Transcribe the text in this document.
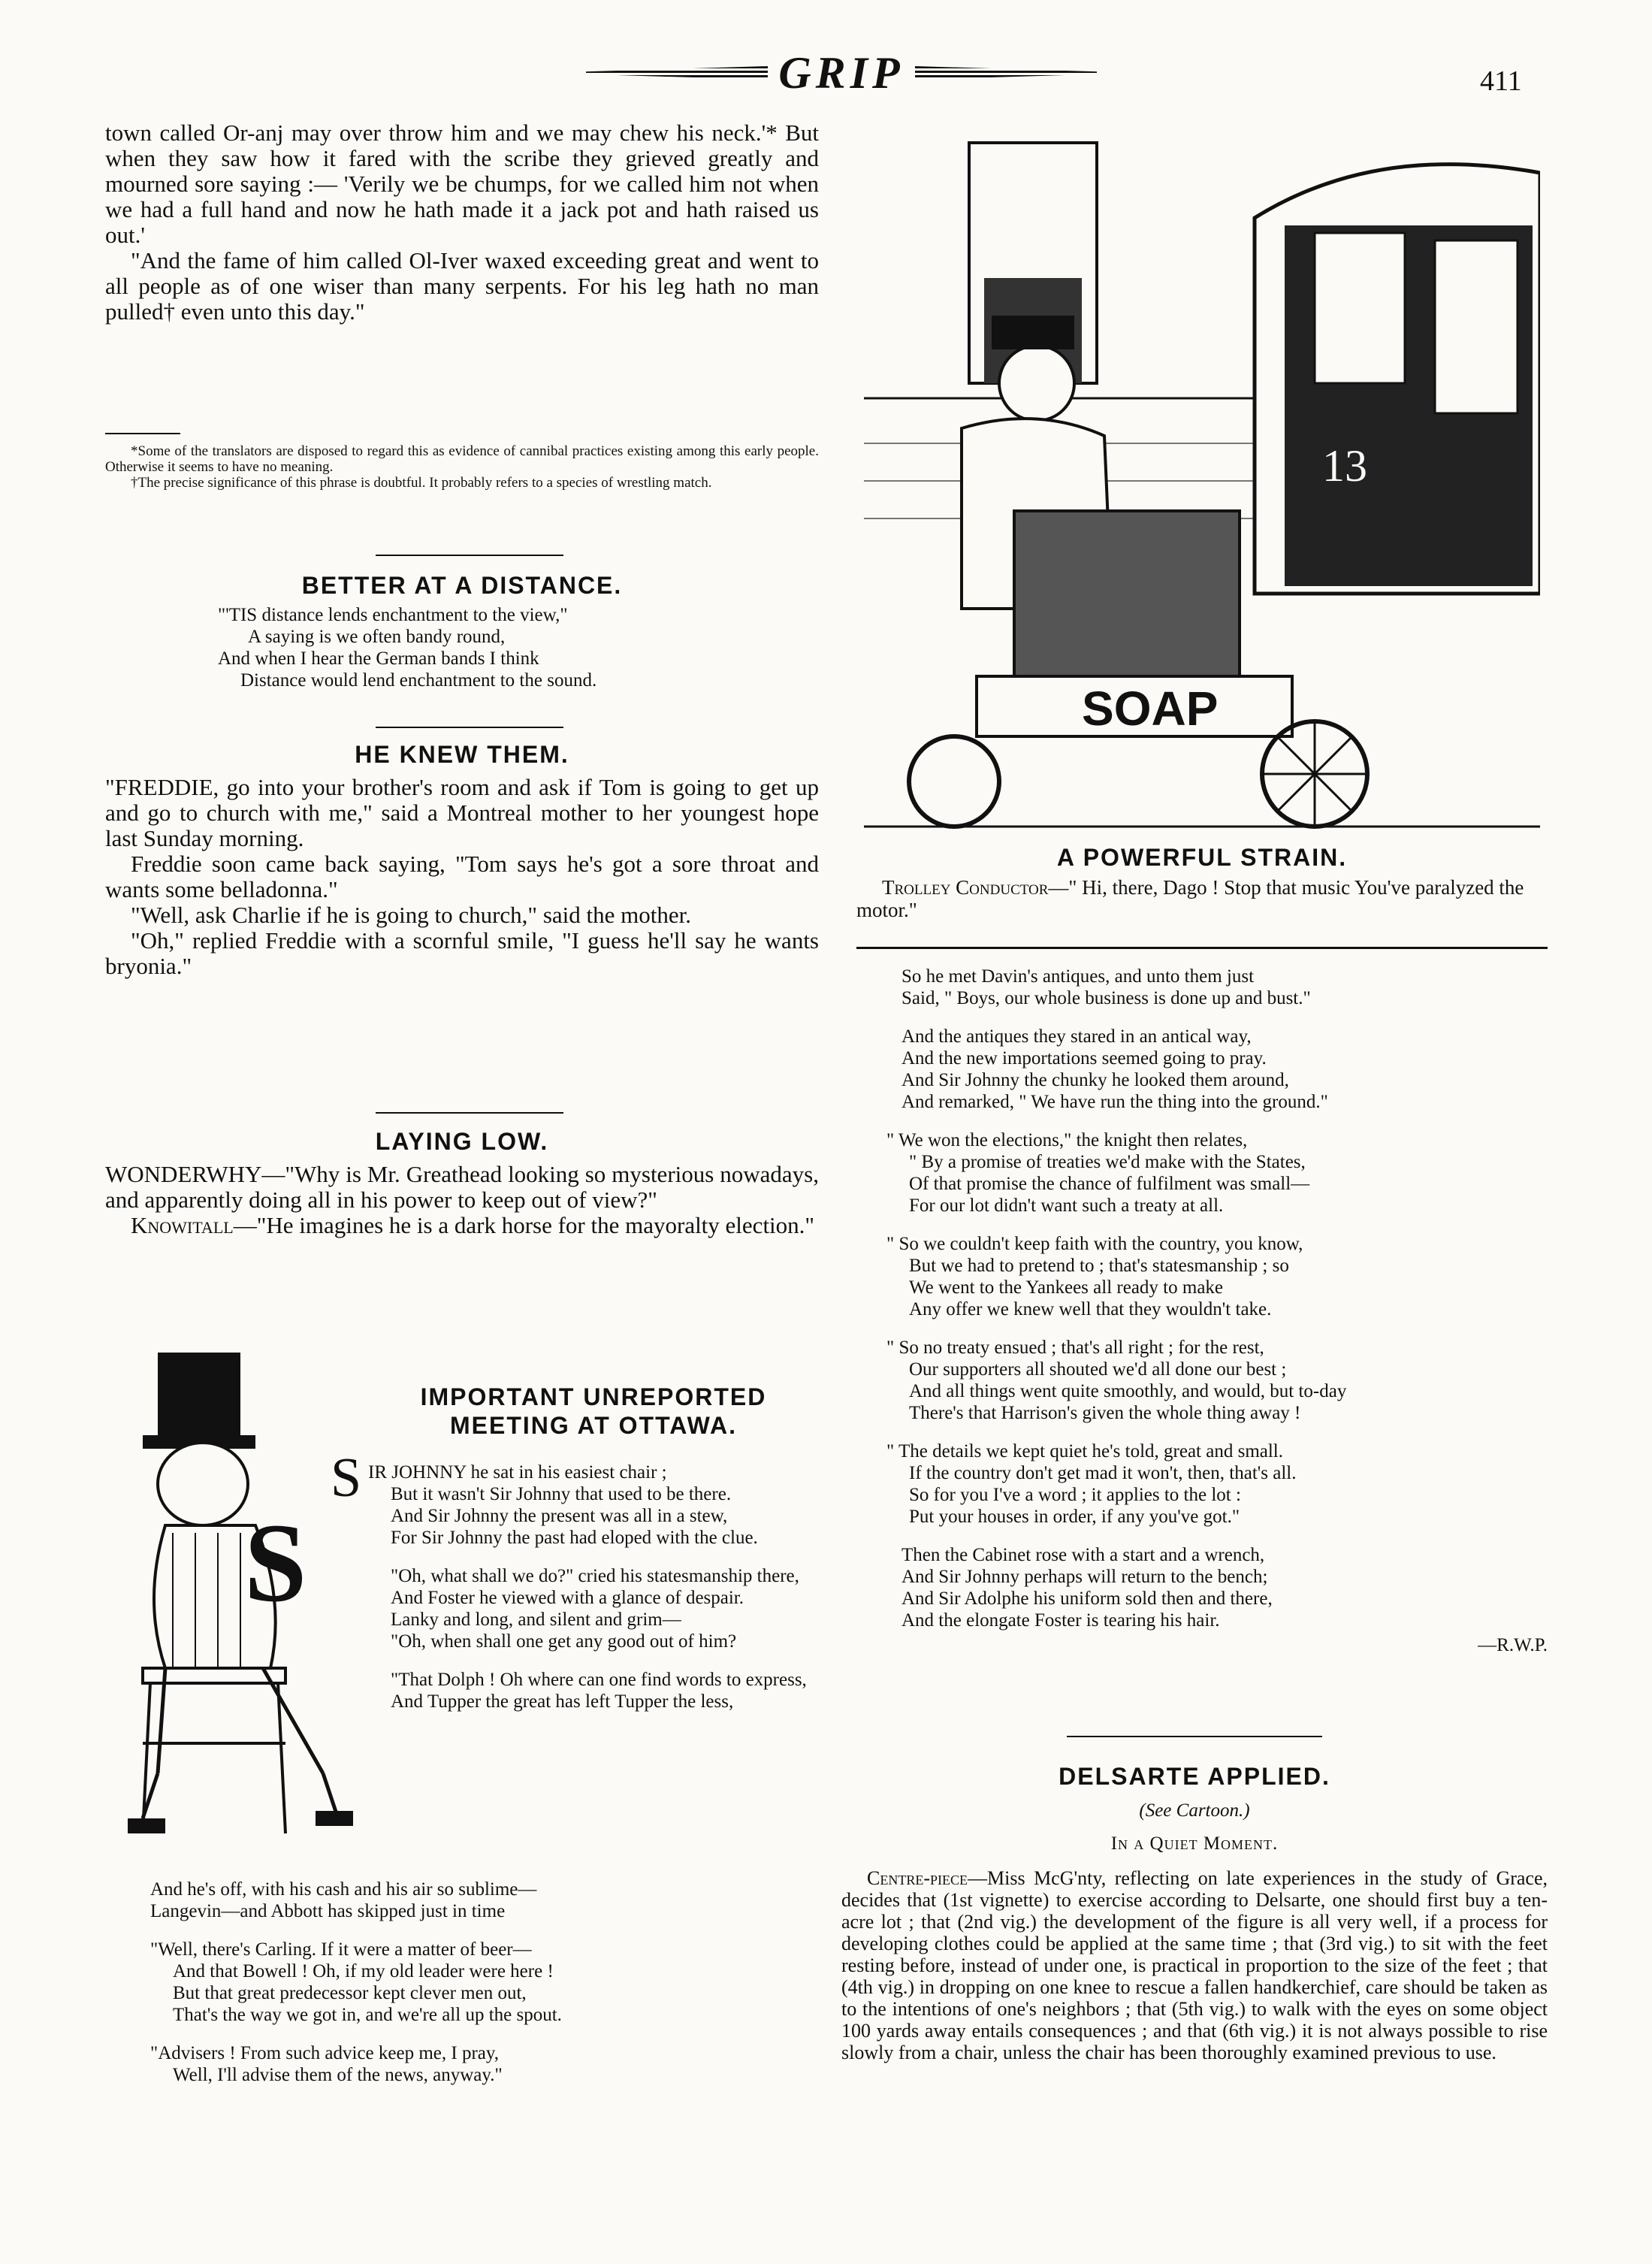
GRIP	411

town called Or-anj may over throw him and we may chew his neck.'* But when they saw how it fared with the scribe they grieved greatly and mourned sore saying :— 'Verily we be chumps, for we called him not when we had a full hand and now he hath made it a jack pot and hath raised us out.'

"And the fame of him called Ol-Iver waxed exceeding great and went to all people as of one wiser than many serpents. For his leg hath no man pulled† even unto this day."

*Some of the translators are disposed to regard this as evidence of cannibal practices existing among this early people. Otherwise it seems to have no meaning.

†The precise significance of this phrase is doubtful. It probably refers to a species of wrestling match.

BETTER AT A DISTANCE.
"'TIS distance lends enchantment to the view,"
A saying is we often bandy round,
And when I hear the German bands I think
Distance would lend enchantment to the sound.
HE KNEW THEM.

"FREDDIE, go into your brother's room and ask if Tom is going to get up and go to church with me," said a Montreal mother to her youngest hope last Sunday morning.

Freddie soon came back saying, "Tom says he's got a sore throat and wants some belladonna."

"Well, ask Charlie if he is going to church," said the mother.

"Oh," replied Freddie with a scornful smile, "I guess he'll say he wants bryonia."

LAYING LOW.

WONDERWHY—"Why is Mr. Greathead looking so mysterious nowadays, and apparently doing all in his power to keep out of view?"

Knowitall—"He imagines he is a dark horse for the mayoralty election."

S
IMPORTANT UNREPORTED
MEETING AT OTTAWA.
S IR JOHNNY he sat in his easiest chair ;
But it wasn't Sir Johnny that used to be there.
And Sir Johnny the present was all in a stew,
For Sir Johnny the past had eloped with the clue.
"Oh, what shall we do?" cried his statesmanship there,
And Foster he viewed with a glance of despair.
Lanky and long, and silent and grim—
"Oh, when shall one get any good out of him?
"That Dolph ! Oh where can one find words to express,
And Tupper the great has left Tupper the less,
And he's off, with his cash and his air so sublime—
Langevin—and Abbott has skipped just in time
"Well, there's Carling. If it were a matter of beer—
And that Bowell ! Oh, if my old leader were here !
But that great predecessor kept clever men out,
That's the way we got in, and we're all up the spout.
"Advisers ! From such advice keep me, I pray,
Well, I'll advise them of the news, anyway."
13
SOAP
A POWERFUL STRAIN.

Trolley Conductor—" Hi, there, Dago ! Stop that music You've paralyzed the motor."

So he met Davin's antiques, and unto them just
Said, " Boys, our whole business is done up and bust."
And the antiques they stared in an antical way,
And the new importations seemed going to pray.
And Sir Johnny the chunky he looked them around,
And remarked, " We have run the thing into the ground."
" We won the elections," the knight then relates,
" By a promise of treaties we'd make with the States,
Of that promise the chance of fulfilment was small—
For our lot didn't want such a treaty at all.
" So we couldn't keep faith with the country, you know,
But we had to pretend to ; that's statesmanship ; so
We went to the Yankees all ready to make
Any offer we knew well that they wouldn't take.
" So no treaty ensued ; that's all right ; for the rest,
Our supporters all shouted we'd all done our best ;
And all things went quite smoothly, and would, but to-day
There's that Harrison's given the whole thing away !
" The details we kept quiet he's told, great and small.
If the country don't get mad it won't, then, that's all.
So for you I've a word ; it applies to the lot :
Put your houses in order, if any you've got."
Then the Cabinet rose with a start and a wrench,
And Sir Johnny perhaps will return to the bench;
And Sir Adolphe his uniform sold then and there,
And the elongate Foster is tearing his hair.
—R.W.P.
DELSARTE APPLIED.
(See Cartoon.)
In a Quiet Moment.

Centre-piece—Miss McG'nty, reflecting on late experiences in the study of Grace, decides that (1st vignette) to exercise according to Delsarte, one should first buy a ten-acre lot ; that (2nd vig.) the development of the figure is all very well, if a process for developing clothes could be applied at the same time ; that (3rd vig.) to sit with the feet resting before, instead of under one, is practical in proportion to the size of the feet ; that (4th vig.) in dropping on one knee to rescue a fallen handkerchief, care should be taken as to the intentions of one's neighbors ; that (5th vig.) to walk with the eyes on some object 100 yards away entails consequences ; and that (6th vig.) it is not always possible to rise slowly from a chair, unless the chair has been thoroughly examined previous to use.
